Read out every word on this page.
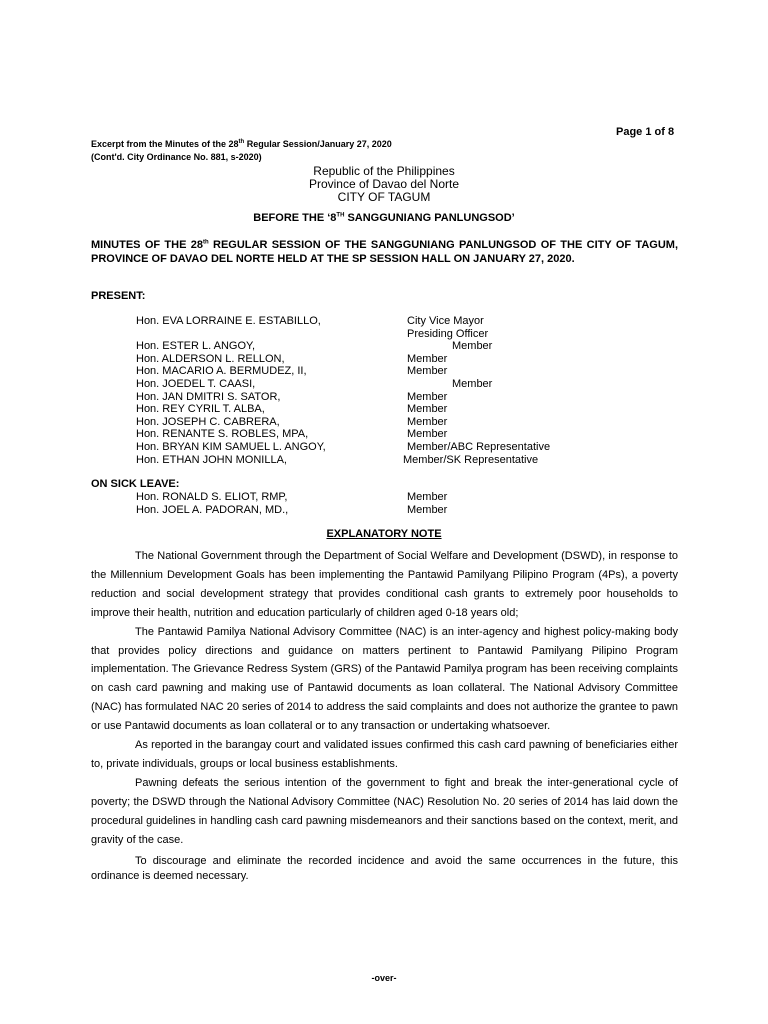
Page 1 of 8
Excerpt from the Minutes of the 28th Regular Session/January 27, 2020
(Cont'd. City Ordinance No. 881, s-2020)
Republic of the Philippines
Province of Davao del Norte
CITY OF TAGUM
BEFORE THE ‘8TH SANGGUNIANG PANLUNGSOD’
MINUTES OF THE 28th REGULAR SESSION OF THE SANGGUNIANG PANLUNGSOD OF THE CITY OF TAGUM, PROVINCE OF DAVAO DEL NORTE HELD AT THE SP SESSION HALL ON JANUARY 27, 2020.
PRESENT:
Hon. EVA LORRAINE E. ESTABILLO,	City Vice Mayor
Presiding Officer
Hon. ESTER L. ANGOY,	Member
Hon. ALDERSON L. RELLON,	Member
Hon. MACARIO A. BERMUDEZ, II,	Member
Hon. JOEDEL T. CAASI,	Member
Hon. JAN DMITRI S. SATOR,	Member
Hon. REY CYRIL T. ALBA,	Member
Hon. JOSEPH C. CABRERA,	Member
Hon. RENANTE S. ROBLES, MPA,	Member
Hon. BRYAN KIM SAMUEL L. ANGOY,	Member/ABC Representative
Hon. ETHAN JOHN MONILLA,	Member/SK Representative
ON SICK LEAVE:
Hon. RONALD S. ELIOT, RMP,	Member
Hon. JOEL A. PADORAN, MD.,	Member
EXPLANATORY NOTE

The National Government through the Department of Social Welfare and Development (DSWD), in response to the Millennium Development Goals has been implementing the Pantawid Pamilyang Pilipino Program (4Ps), a poverty reduction and social development strategy that provides conditional cash grants to extremely poor households to improve their health, nutrition and education particularly of children aged 0-18 years old;

The Pantawid Pamilya National Advisory Committee (NAC) is an inter-agency and highest policy-making body that provides policy directions and guidance on matters pertinent to Pantawid Pamilyang Pilipino Program implementation. The Grievance Redress System (GRS) of the Pantawid Pamilya program has been receiving complaints on cash card pawning and making use of Pantawid documents as loan collateral. The National Advisory Committee (NAC) has formulated NAC 20 series of 2014 to address the said complaints and does not authorize the grantee to pawn or use Pantawid documents as loan collateral or to any transaction or undertaking whatsoever.

As reported in the barangay court and validated issues confirmed this cash card pawning of beneficiaries either to, private individuals, groups or local business establishments.

Pawning defeats the serious intention of the government to fight and break the inter-generational cycle of poverty; the DSWD through the National Advisory Committee (NAC) Resolution No. 20 series of 2014 has laid down the procedural guidelines in handling cash card pawning misdemeanors and their sanctions based on the context, merit, and gravity of the case.

To discourage and eliminate the recorded incidence and avoid the same occurrences in the future, this ordinance is deemed necessary.

-over-
